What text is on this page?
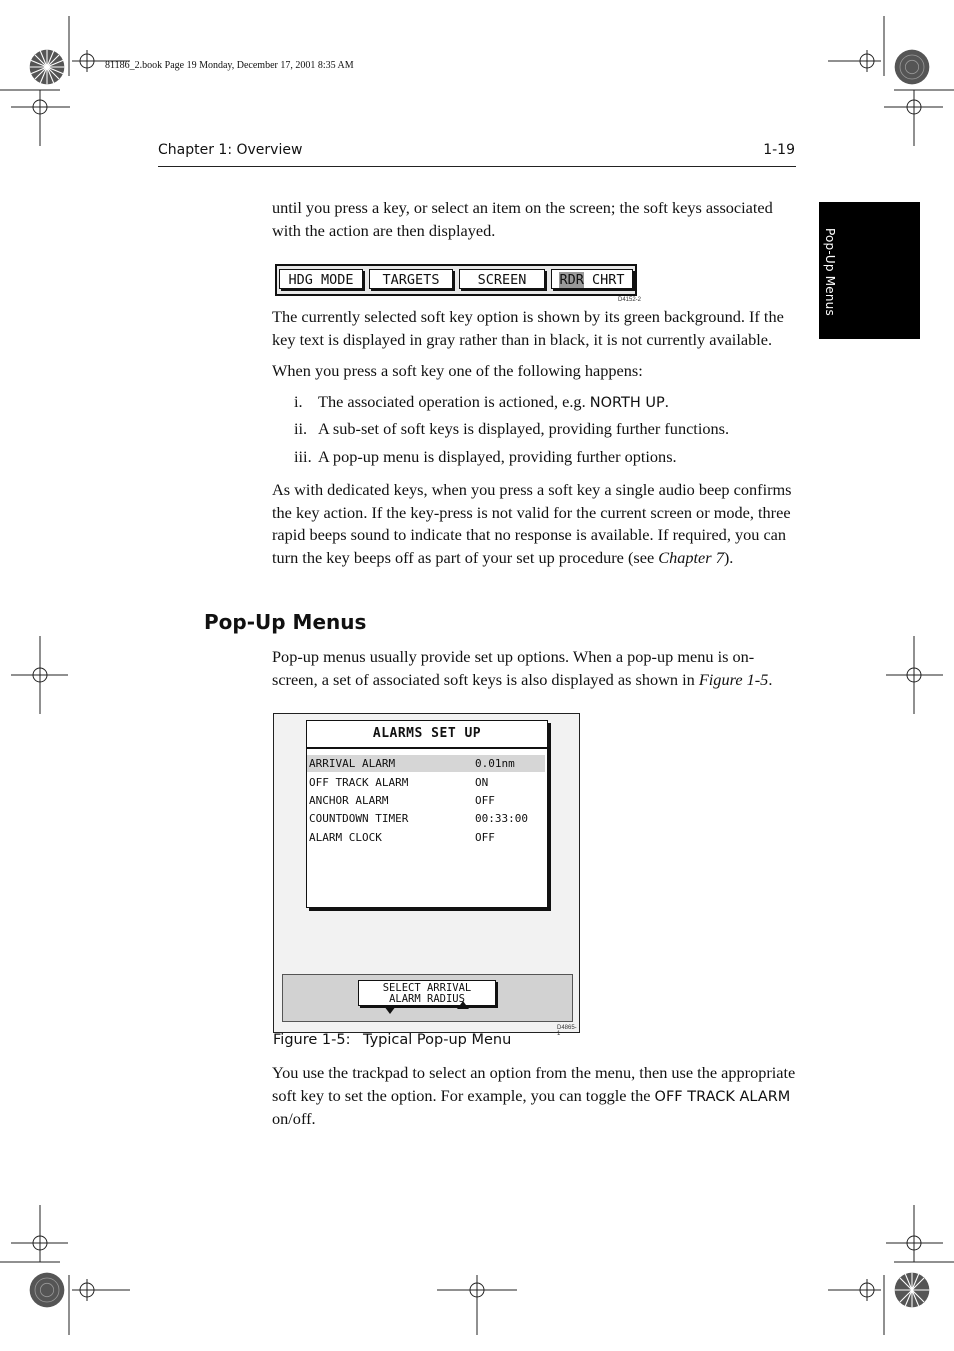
81186_2.book Page 19 Monday, December 17, 2001 8:35 AM
Chapter 1: Overview	1-19
Pop-Up Menus

until you press a key, or select an item on the screen; the soft keys associated with the action are then displayed.

HDG MODE	TARGETS	SCREEN	RDR CHRT
D4152-2

The currently selected soft key option is shown by its green background. If the key text is displayed in gray rather than in black, it is not currently available.

When you press a soft key one of the following happens:

i. The associated operation is actioned, e.g. NORTH UP.
ii. A sub-set of soft keys is displayed, providing further functions.
iii. A pop-up menu is displayed, providing further options.

As with dedicated keys, when you press a soft key a single audio beep confirms the key action. If the key-press is not valid for the current screen or mode, three rapid beeps sound to indicate that no response is available. If required, you can turn the key beeps off as part of your set up procedure (see Chapter 7).

Pop-Up Menus

Pop-up menus usually provide set up options. When a pop-up menu is on-screen, a set of associated soft keys is also displayed as shown in Figure 1-5.

ALARMS SET UP
ARRIVAL ALARM	0.01nm
OFF TRACK ALARM	ON
ANCHOR ALARM	OFF
COUNTDOWN TIMER	00:33:00
ALARM CLOCK	OFF
SELECT ARRIVAL
ALARM RADIUS
D4865-1
Figure 1-5: Typical Pop-up Menu

You use the trackpad to select an option from the menu, then use the appropriate soft key to set the option. For example, you can toggle the OFF TRACK ALARM on/off.
